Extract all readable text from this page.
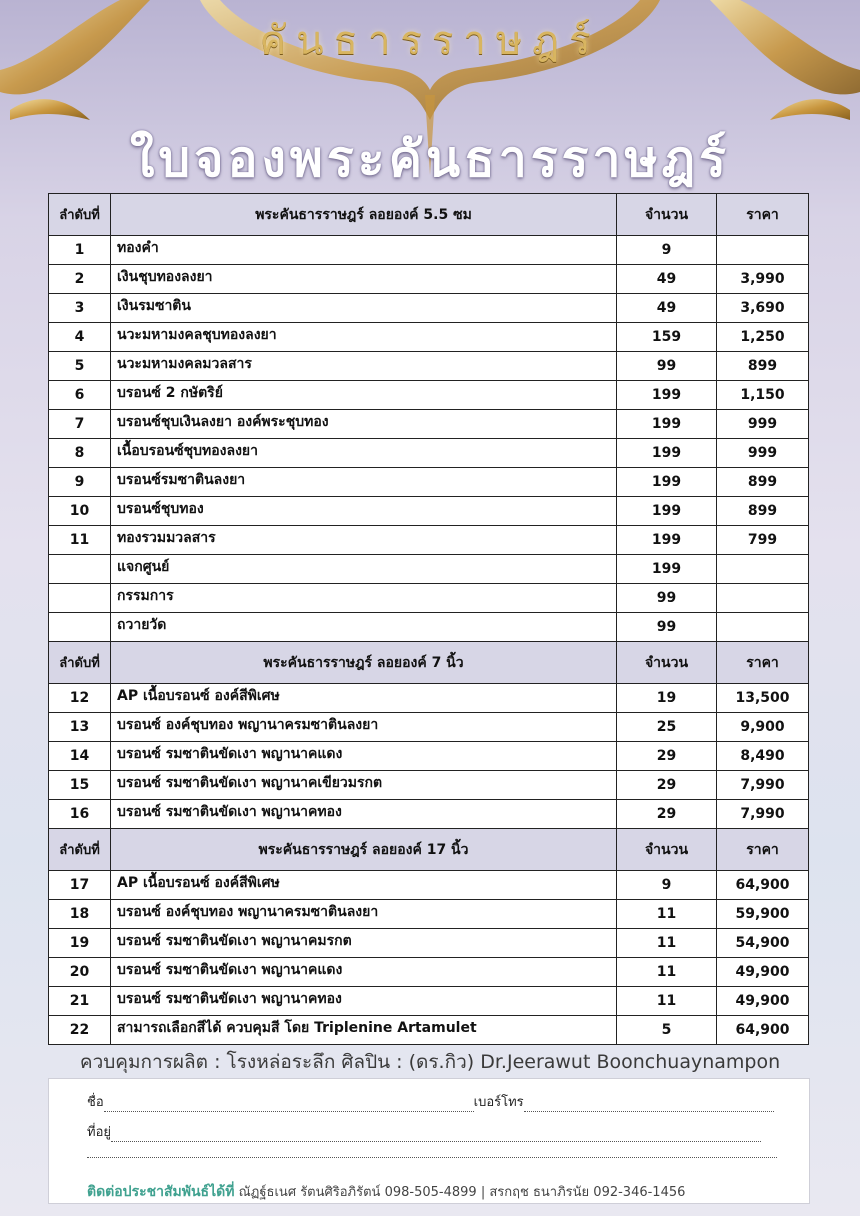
คันธารราษฎร์
ใบจองพระคันธารราษฎร์
ลำดับที่	พระคันธารราษฎร์ ลอยองค์ 5.5 ซม	จำนวน	ราคา
1	ทองคำ	9	
2	เงินชุบทองลงยา	49	3,990
3	เงินรมซาติน	49	3,690
4	นวะมหามงคลชุบทองลงยา	159	1,250
5	นวะมหามงคลมวลสาร	99	899
6	บรอนซ์ 2 กษัตริย์	199	1,150
7	บรอนซ์ชุบเงินลงยา องค์พระชุบทอง	199	999
8	เนื้อบรอนซ์ชุบทองลงยา	199	999
9	บรอนซ์รมซาตินลงยา	199	899
10	บรอนซ์ชุบทอง	199	899
11	ทองรวมมวลสาร	199	799
	แจกศูนย์	199	
	กรรมการ	99	
	ถวายวัด	99	
ลำดับที่	พระคันธารราษฎร์ ลอยองค์ 7 นิ้ว	จำนวน	ราคา
12	AP เนื้อบรอนซ์ องค์สีพิเศษ	19	13,500
13	บรอนซ์ องค์ชุบทอง พญานาครมซาตินลงยา	25	9,900
14	บรอนซ์ รมซาตินขัดเงา พญานาคแดง	29	8,490
15	บรอนซ์ รมซาตินขัดเงา พญานาคเขียวมรกต	29	7,990
16	บรอนซ์ รมซาตินขัดเงา พญานาคทอง	29	7,990
ลำดับที่	พระคันธารราษฎร์ ลอยองค์ 17 นิ้ว	จำนวน	ราคา
17	AP เนื้อบรอนซ์ องค์สีพิเศษ	9	64,900
18	บรอนซ์ องค์ชุบทอง พญานาครมซาตินลงยา	11	59,900
19	บรอนซ์ รมซาตินขัดเงา พญานาคมรกต	11	54,900
20	บรอนซ์ รมซาตินขัดเงา พญานาคแดง	11	49,900
21	บรอนซ์ รมซาตินขัดเงา พญานาคทอง	11	49,900
22	สามารถเลือกสีได้ ควบคุมสี โดย Triplenine Artamulet	5	64,900
ควบคุมการผลิต : โรงหล่อระลึก ศิลปิน : (ดร.กิว) Dr.Jeerawut Boonchuaynampon
ชื่อ	เบอร์โทร
ที่อยู่
ติดต่อประชาสัมพันธ์ได้ที่ ณัฏฐ์ธเนศ รัตนศิริอภิรัตน์ 098-505-4899 | สรกฤช ธนาภิรนัย 092-346-1456
